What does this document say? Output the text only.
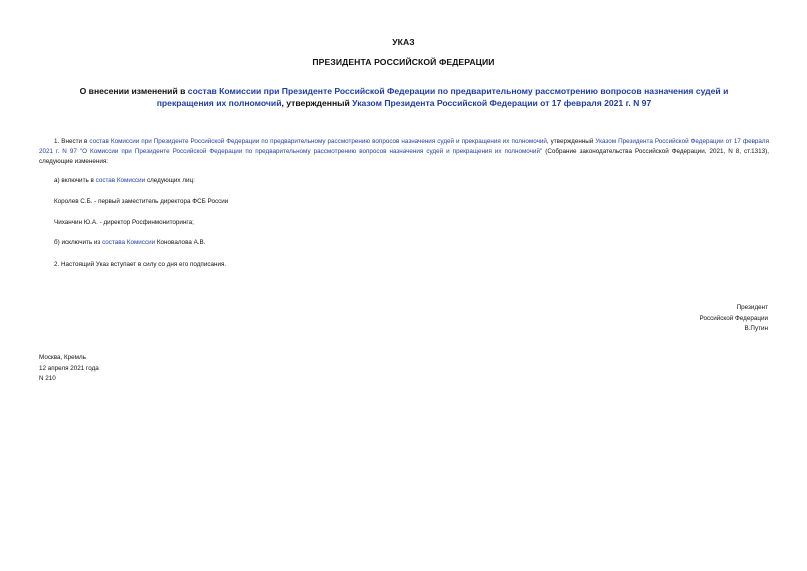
УКАЗ
ПРЕЗИДЕНТА РОССИЙСКОЙ ФЕДЕРАЦИИ
О внесении изменений в состав Комиссии при Президенте Российской Федерации по предварительному рассмотрению вопросов назначения судей и прекращения их полномочий, утвержденный Указом Президента Российской Федерации от 17 февраля 2021 г. N 97
1. Внести в состав Комиссии при Президенте Российской Федерации по предварительному рассмотрению вопросов назначения судей и прекращения их полномочий, утвержденный Указом Президента Российской Федерации от 17 февраля 2021 г. N 97 "О Комиссии при Президенте Российской Федерации по предварительному рассмотрению вопросов назначения судей и прекращения их полномочий" (Собрание законодательства Российской Федерации, 2021, N 8, ст.1313), следующие изменения:
а) включить в состав Комиссии следующих лиц:
Королев С.Б. - первый заместитель директора ФСБ России
Чиханчин Ю.А. - директор Росфинмониторинга;
б) исключить из состава Комиссии Коновалова А.В.
2. Настоящий Указ вступает в силу со дня его подписания.
Президент
Российской Федерации
В.Путин
Москва, Кремль
12 апреля 2021 года
N 210
